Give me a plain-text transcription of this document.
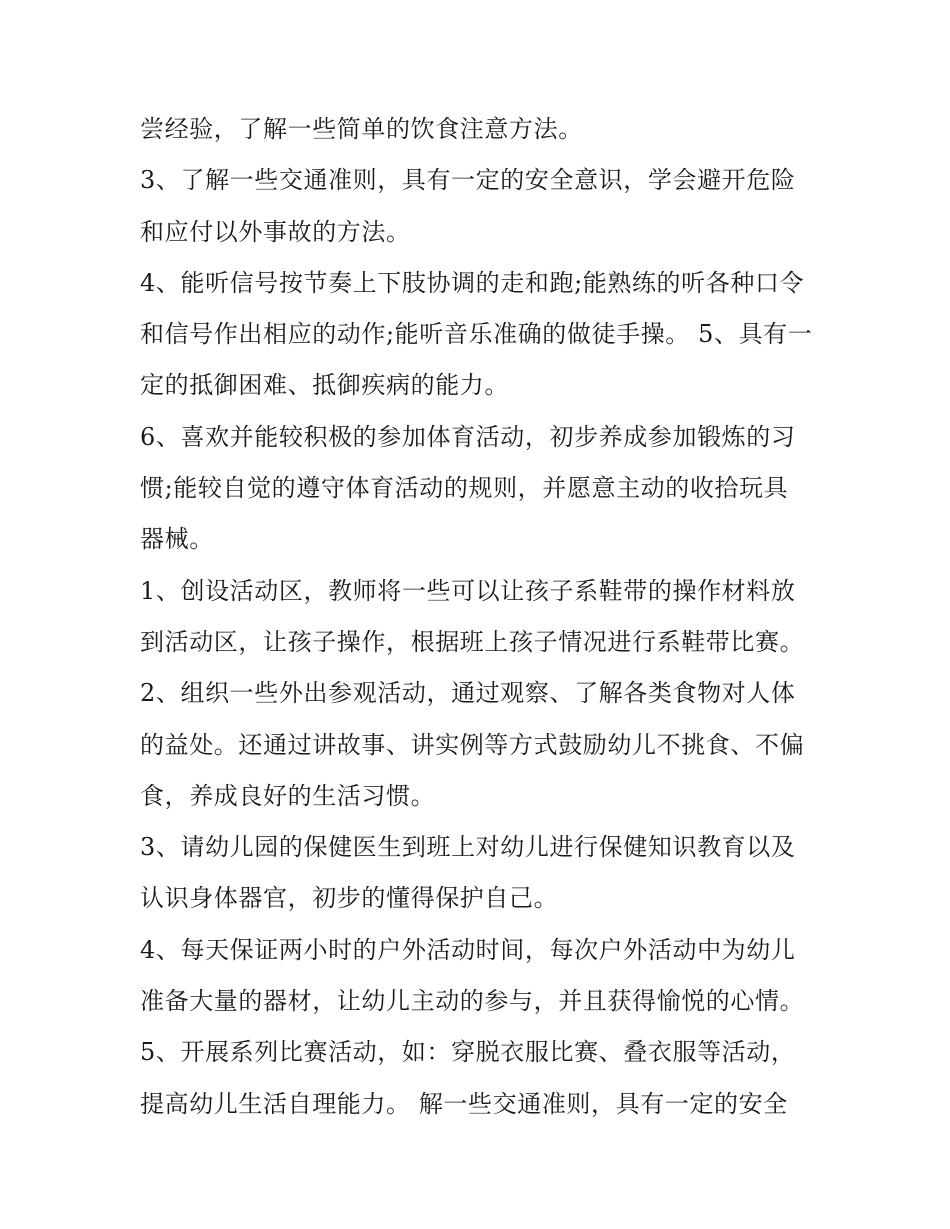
尝经验，了解一些简单的饮食注意方法。
3、了解一些交通准则，具有一定的安全意识，学会避开危险
和应付以外事故的方法。
4、能听信号按节奏上下肢协调的走和跑;能熟练的听各种口令
和信号作出相应的动作;能听音乐准确的做徒手操。 5、具有一
定的抵御困难、抵御疾病的能力。
6、喜欢并能较积极的参加体育活动，初步养成参加锻炼的习
惯;能较自觉的遵守体育活动的规则，并愿意主动的收拾玩具
器械。
1、创设活动区，教师将一些可以让孩子系鞋带的操作材料放
到活动区，让孩子操作，根据班上孩子情况进行系鞋带比赛。
2、组织一些外出参观活动，通过观察、了解各类食物对人体
的益处。还通过讲故事、讲实例等方式鼓励幼儿不挑食、不偏
食，养成良好的生活习惯。
3、请幼儿园的保健医生到班上对幼儿进行保健知识教育以及
认识身体器官，初步的懂得保护自己。
4、每天保证两小时的户外活动时间，每次户外活动中为幼儿
准备大量的器材，让幼儿主动的参与，并且获得愉悦的心情。
5、开展系列比赛活动，如：穿脱衣服比赛、叠衣服等活动，
提高幼儿生活自理能力。 解一些交通准则，具有一定的安全
